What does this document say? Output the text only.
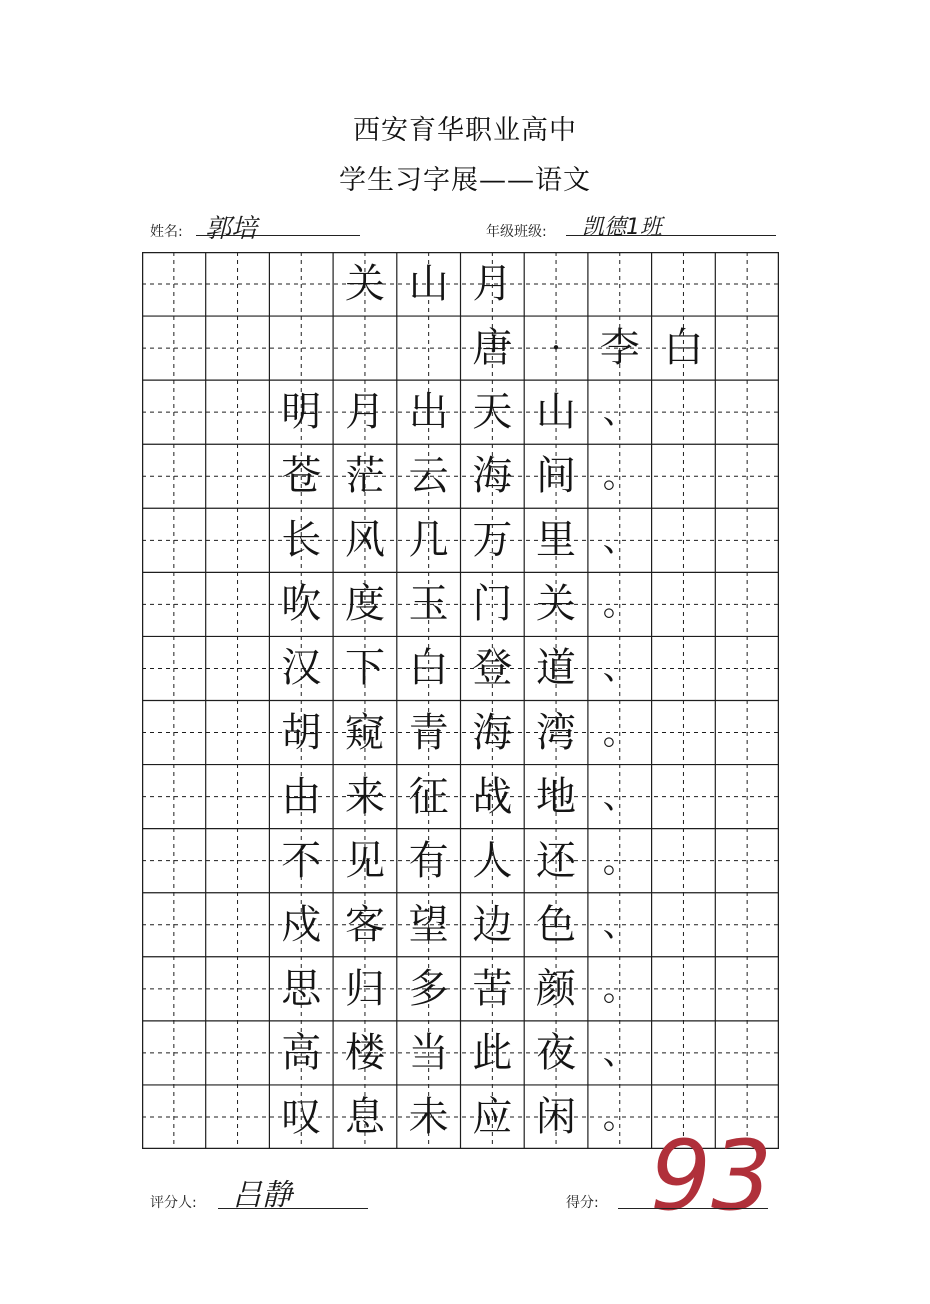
西安育华职业高中
学生习字展——语文
姓名: 郭培	年级班级: 凯德1班
关 山 月
唐	· 李 白
明 月 出 天 山 、
苍 茫 云 海 间 。
长 风 几 万 里 、
吹 度 玉 门 关 。
汉 下 白 登 道 、
胡 窥 青 海 湾 。
由 来 征 战 地 、
不 见 有 人 还 。
戍 客 望 边 色 、
思 归 多 苦 颜 。
高 楼 当 此 夜 、
叹 息 未 应 闲 。
评分人: 吕静	得分: 93
